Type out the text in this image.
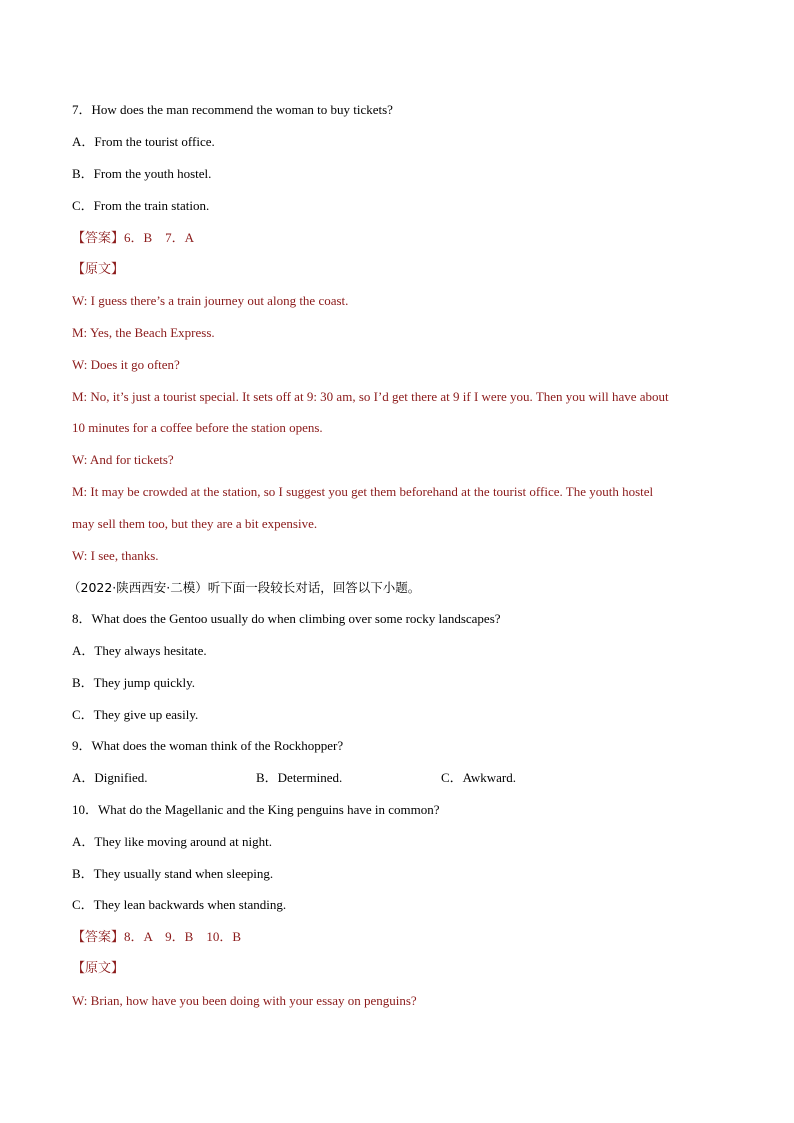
7．How does the man recommend the woman to buy tickets?
A．From the tourist office.
B．From the youth hostel.
C．From the train station.
【答案】6．B　7．A
【原文】
W: I guess there’s a train journey out along the coast.
M: Yes, the Beach Express.
W: Does it go often?
M: No, it’s just a tourist special. It sets off at 9: 30 am, so I’d get there at 9 if I were you. Then you will have about
10 minutes for a coffee before the station opens.
W: And for tickets?
M: It may be crowded at the station, so I suggest you get them beforehand at the tourist office. The youth hostel
may sell them too, but they are a bit expensive.
W: I see, thanks.
（2022·陕西西安·二模）听下面一段较长对话，回答以下小题。
8．What does the Gentoo usually do when climbing over some rocky landscapes?
A．They always hesitate.
B．They jump quickly.
C．They give up easily.
9．What does the woman think of the Rockhopper?
A．Dignified.	B．Determined.	C．Awkward.
10．What do the Magellanic and the King penguins have in common?
A．They like moving around at night.
B．They usually stand when sleeping.
C．They lean backwards when standing.
【答案】8．A　9．B　10．B
【原文】
W: Brian, how have you been doing with your essay on penguins?
